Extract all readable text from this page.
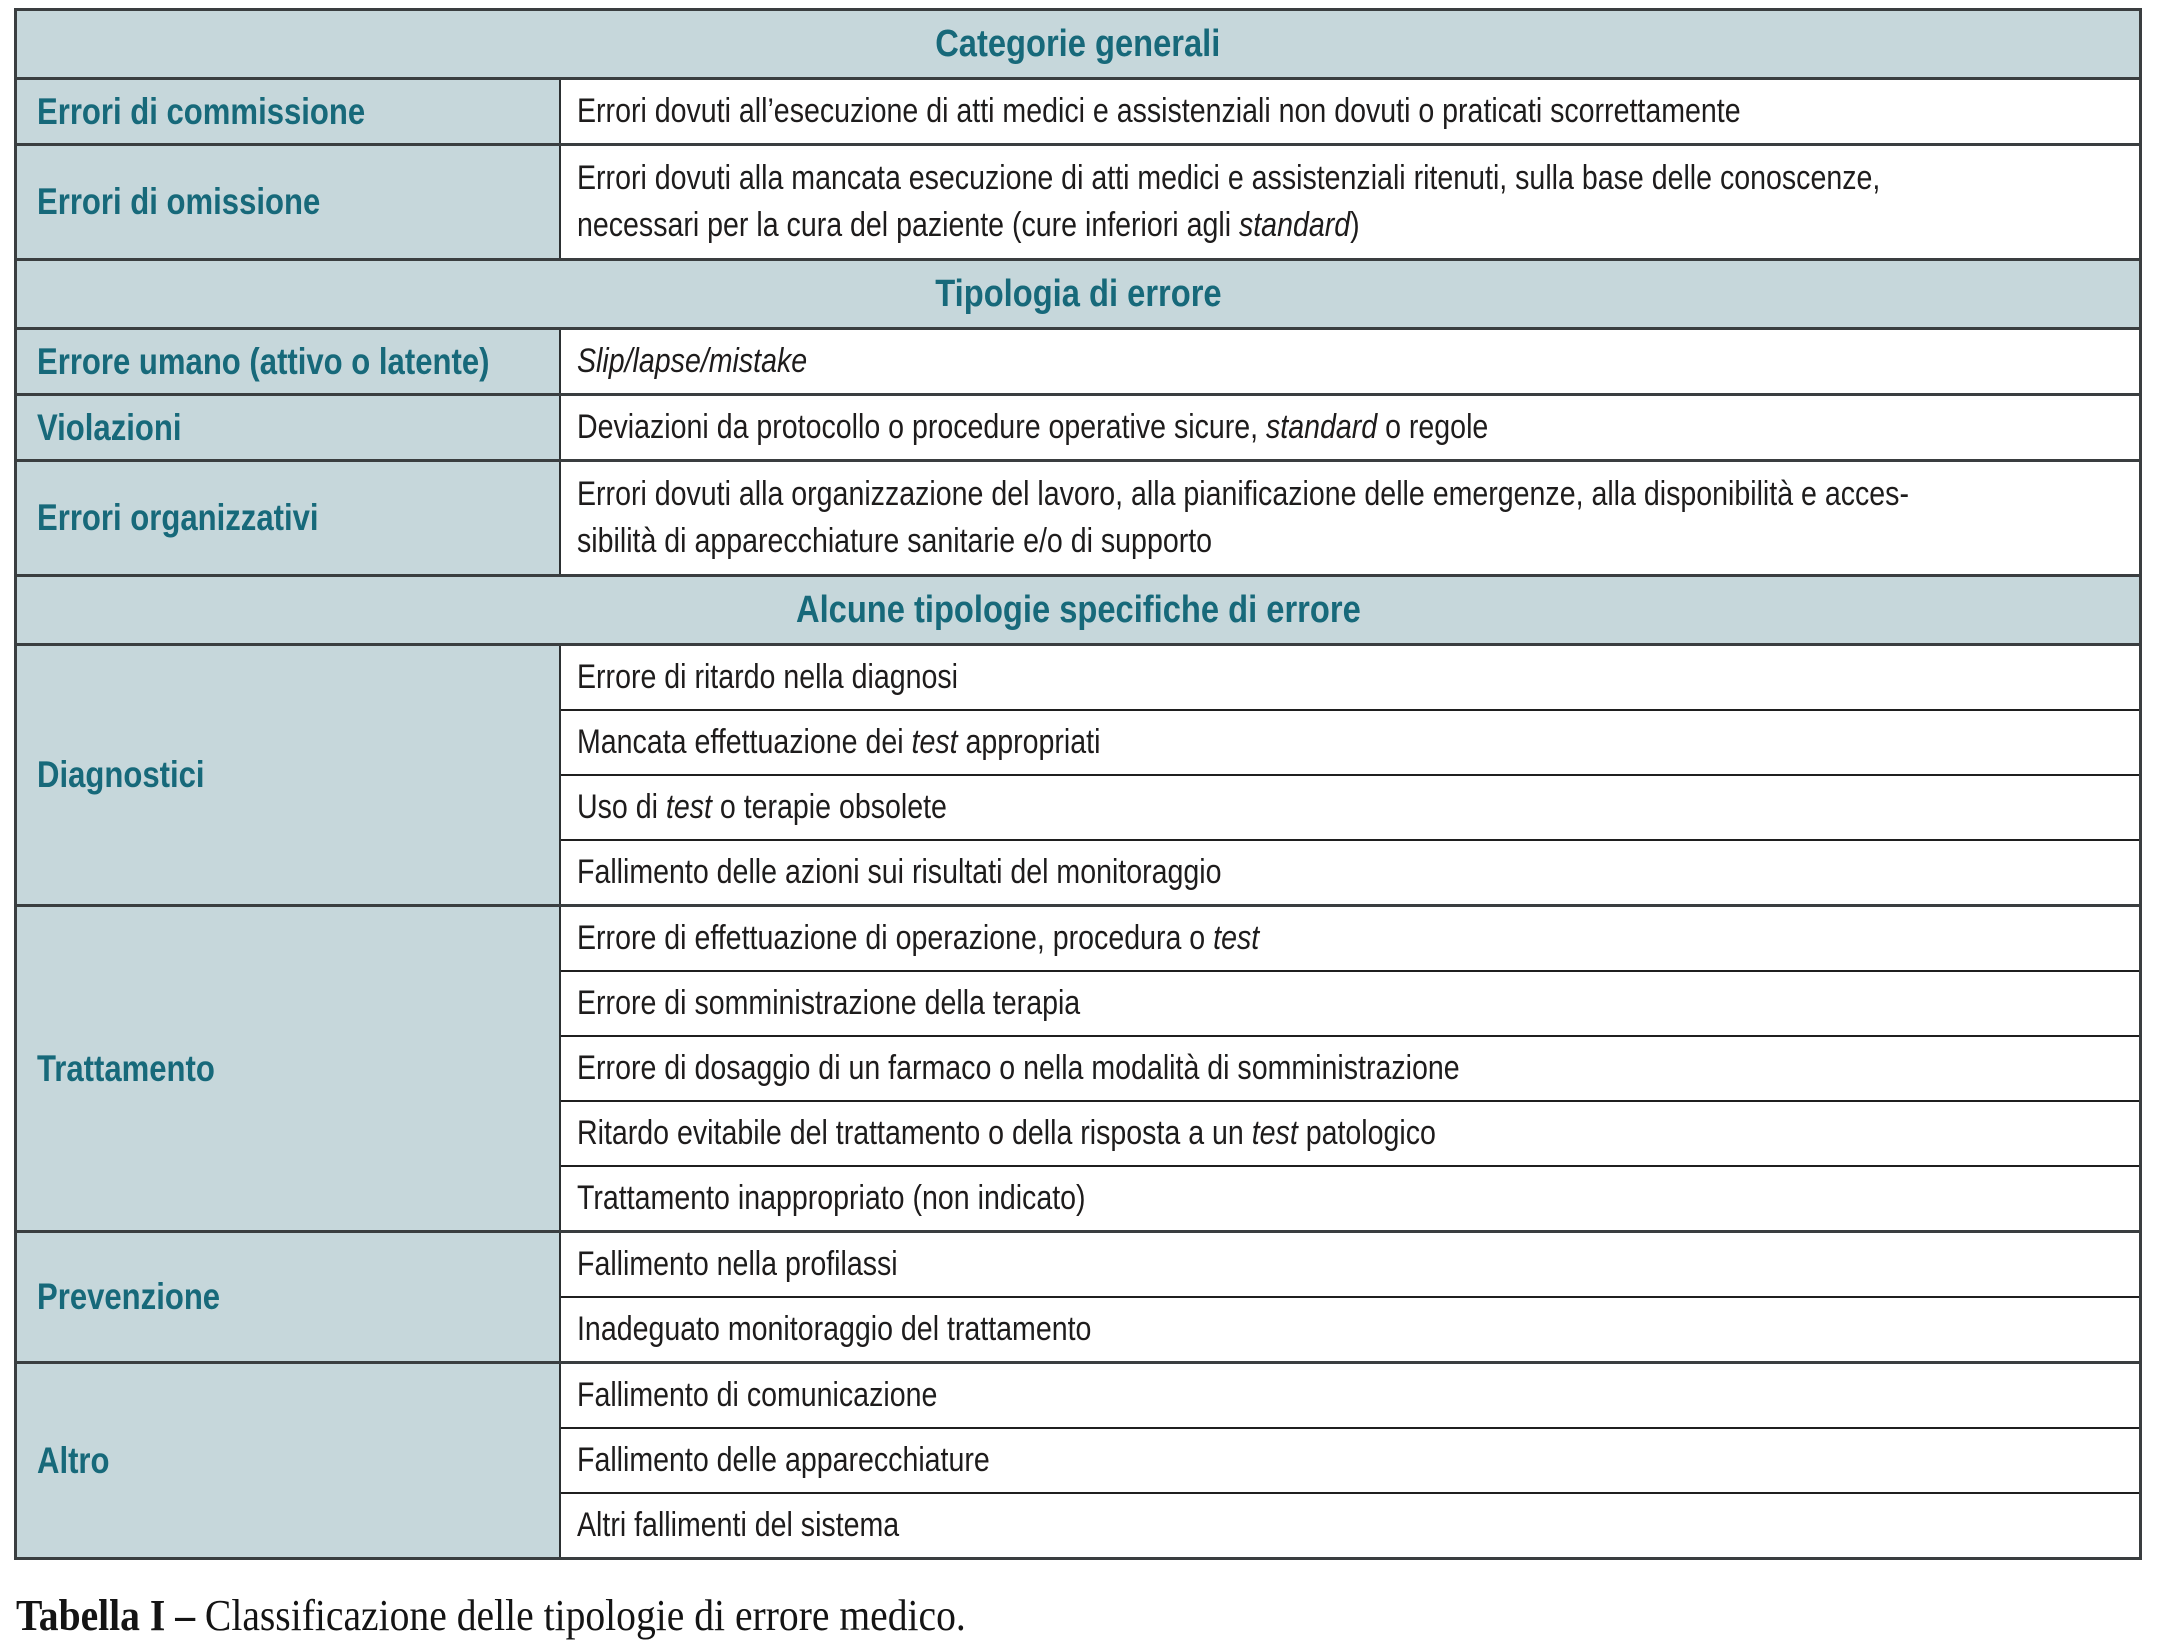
Categorie generali	
Errori di commissione	Errori dovuti all’esecuzione di atti medici e assistenziali non dovuti o praticati scorrettamente
Errori di omissione	Errori dovuti alla mancata esecuzione di atti medici e assistenziali ritenuti, sulla base delle conoscenze,
necessari per la cura del paziente (cure inferiori agli standard)
Tipologia di errore	
Errore umano (attivo o latente)	Slip/lapse/mistake
Violazioni	Deviazioni da protocollo o procedure operative sicure, standard o regole
Errori organizzativi	Errori dovuti alla organizzazione del lavoro, alla pianificazione delle emergenze, alla disponibilità e acces-
sibilità di apparecchiature sanitarie e/o di supporto
Alcune tipologie specifiche di errore	
Diagnostici	Errore di ritardo nella diagnosi
	Mancata effettuazione dei test appropriati
	Uso di test o terapie obsolete
	Fallimento delle azioni sui risultati del monitoraggio
Trattamento	Errore di effettuazione di operazione, procedura o test
	Errore di somministrazione della terapia
	Errore di dosaggio di un farmaco o nella modalità di somministrazione
	Ritardo evitabile del trattamento o della risposta a un test patologico
	Trattamento inappropriato (non indicato)
Prevenzione	Fallimento nella profilassi
	Inadeguato monitoraggio del trattamento
Altro	Fallimento di comunicazione
	Fallimento delle apparecchiature
	Altri fallimenti del sistema

Tabella I – Classificazione delle tipologie di errore medico.
